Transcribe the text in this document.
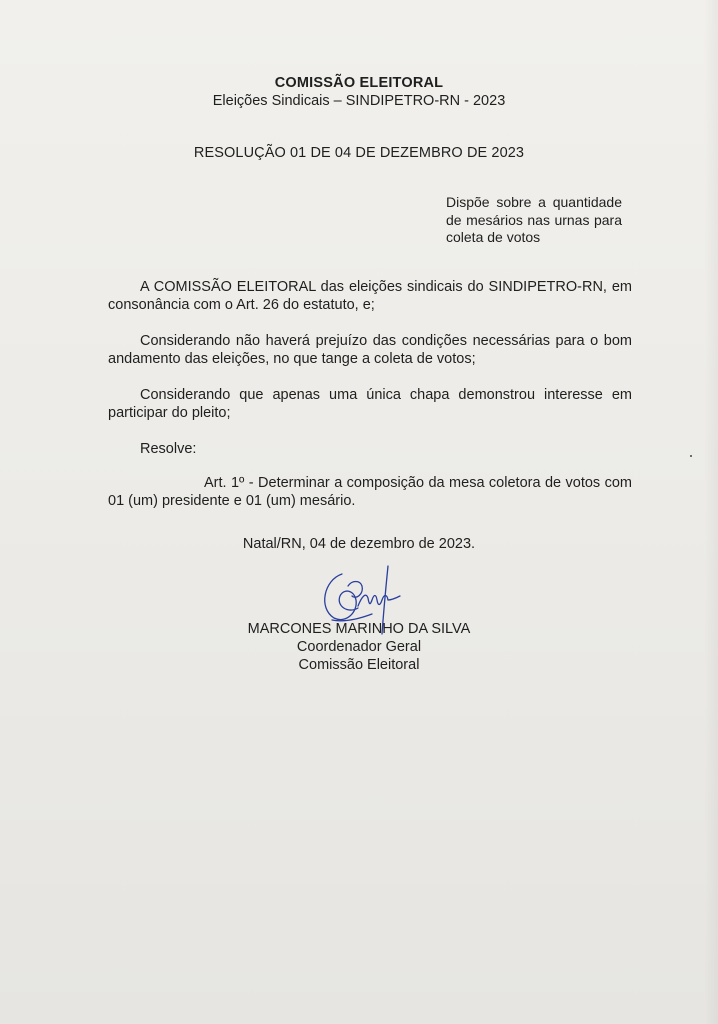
COMISSÃO ELEITORAL
Eleições Sindicais – SINDIPETRO-RN - 2023
RESOLUÇÃO 01 DE 04 DE DEZEMBRO DE 2023
Dispõe sobre a quantidade de mesários nas urnas para coleta de votos

A COMISSÃO ELEITORAL das eleições sindicais do SINDIPETRO-RN, em consonância com o Art. 26 do estatuto, e;

Considerando não haverá prejuízo das condições necessárias para o bom andamento das eleições, no que tange a coleta de votos;

Considerando que apenas uma única chapa demonstrou interesse em participar do pleito;

Resolve:

Art. 1º - Determinar a composição da mesa coletora de votos com 01 (um) presidente e 01 (um) mesário.

Natal/RN, 04 de dezembro de 2023.
MARCONES MARINHO DA SILVA
Coordenador Geral
Comissão Eleitoral
